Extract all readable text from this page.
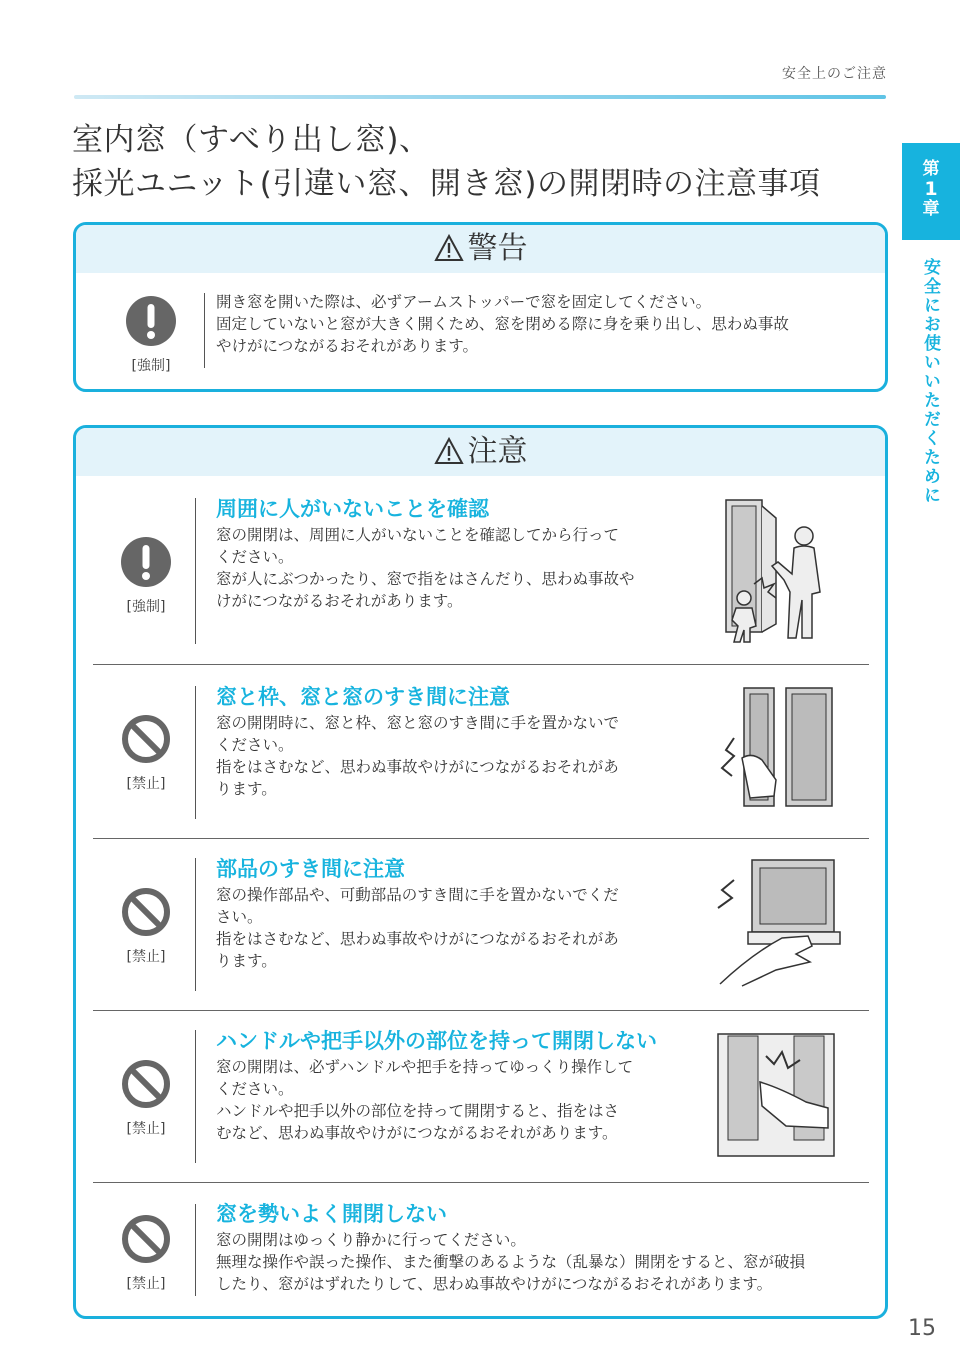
安全上のご注意
室内窓（すべり出し窓)、
採光ユニット(引違い窓、開き窓)の開閉時の注意事項	第
1
章
安全にお使いいただくために
警告
[強制]
開き窓を開いた際は、必ずアームストッパーで窓を固定してください。
固定していないと窓が大きく開くため、窓を閉める際に身を乗り出し、思わぬ事故
やけがにつながるおそれがあります。
注意
[強制]
周囲に人がいないことを確認
窓の開閉は、周囲に人がいないことを確認してから行って
ください。
窓が人にぶつかったり、窓で指をはさんだり、思わぬ事故や
けがにつながるおそれがあります。
[禁止]
窓と枠、窓と窓のすき間に注意
窓の開閉時に、窓と枠、窓と窓のすき間に手を置かないで
ください。
指をはさむなど、思わぬ事故やけがにつながるおそれがあ
ります。
[禁止]
部品のすき間に注意
窓の操作部品や、可動部品のすき間に手を置かないでくだ
さい。
指をはさむなど、思わぬ事故やけがにつながるおそれがあ
ります。
[禁止]
ハンドルや把手以外の部位を持って開閉しない
窓の開閉は、必ずハンドルや把手を持ってゆっくり操作して
ください。
ハンドルや把手以外の部位を持って開閉すると、指をはさ
むなど、思わぬ事故やけがにつながるおそれがあります。
[禁止]
窓を勢いよく開閉しない
窓の開閉はゆっくり静かに行ってください。
無理な操作や誤った操作、また衝撃のあるような（乱暴な）開閉をすると、窓が破損
したり、窓がはずれたりして、思わぬ事故やけがにつながるおそれがあります。
15
